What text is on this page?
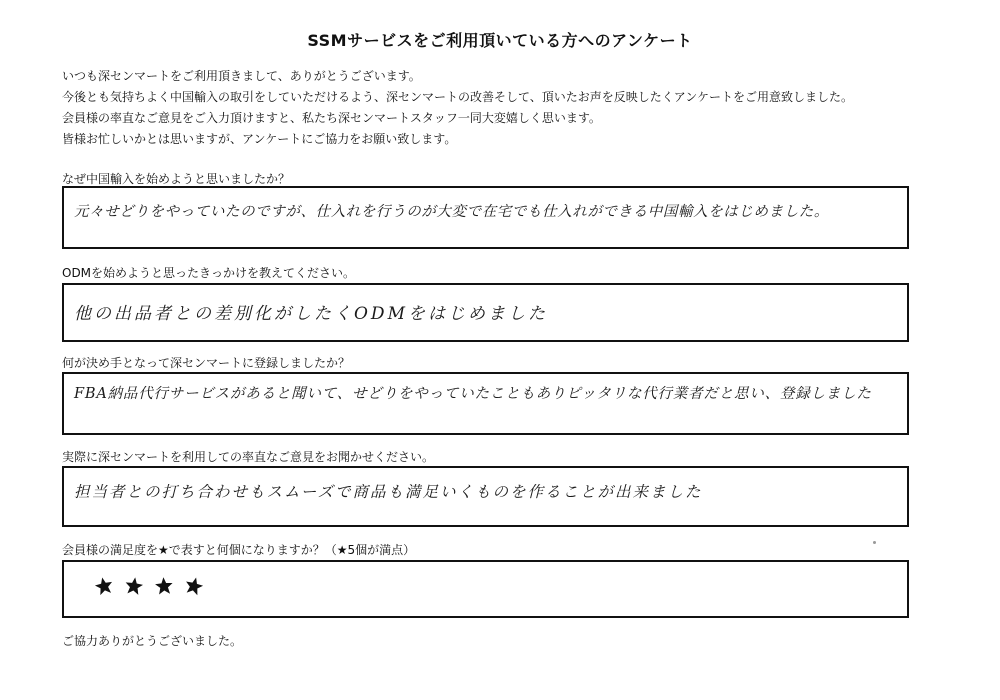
SSMサービスをご利用頂いている方へのアンケート
いつも深センマートをご利用頂きまして、ありがとうございます。
今後とも気持ちよく中国輸入の取引をしていただけるよう、深センマートの改善そして、頂いたお声を反映したくアンケートをご用意致しました。
会員様の率直なご意見をご入力頂けますと、私たち深センマートスタッフ一同大変嬉しく思います。
皆様お忙しいかとは思いますが、アンケートにご協力をお願い致します。
なぜ中国輸入を始めようと思いましたか？
元々せどりをやっていたのですが、仕入れを行うのが大変で在宅でも仕入れができる中国輸入をはじめました。
ODMを始めようと思ったきっかけを教えてください。
他の出品者との差別化がしたくODMをはじめました
何が決め手となって深センマートに登録しましたか？
FBA納品代行サービスがあると聞いて、せどりをやっていたこともありピッタリな代行業者だと思い、登録しました
実際に深センマートを利用しての率直なご意見をお聞かせください。
担当者との打ち合わせもスムーズで商品も満足いくものを作ることが出来ました
会員様の満足度を★で表すと何個になりますか？（★5個が満点）
ご協力ありがとうございました。
